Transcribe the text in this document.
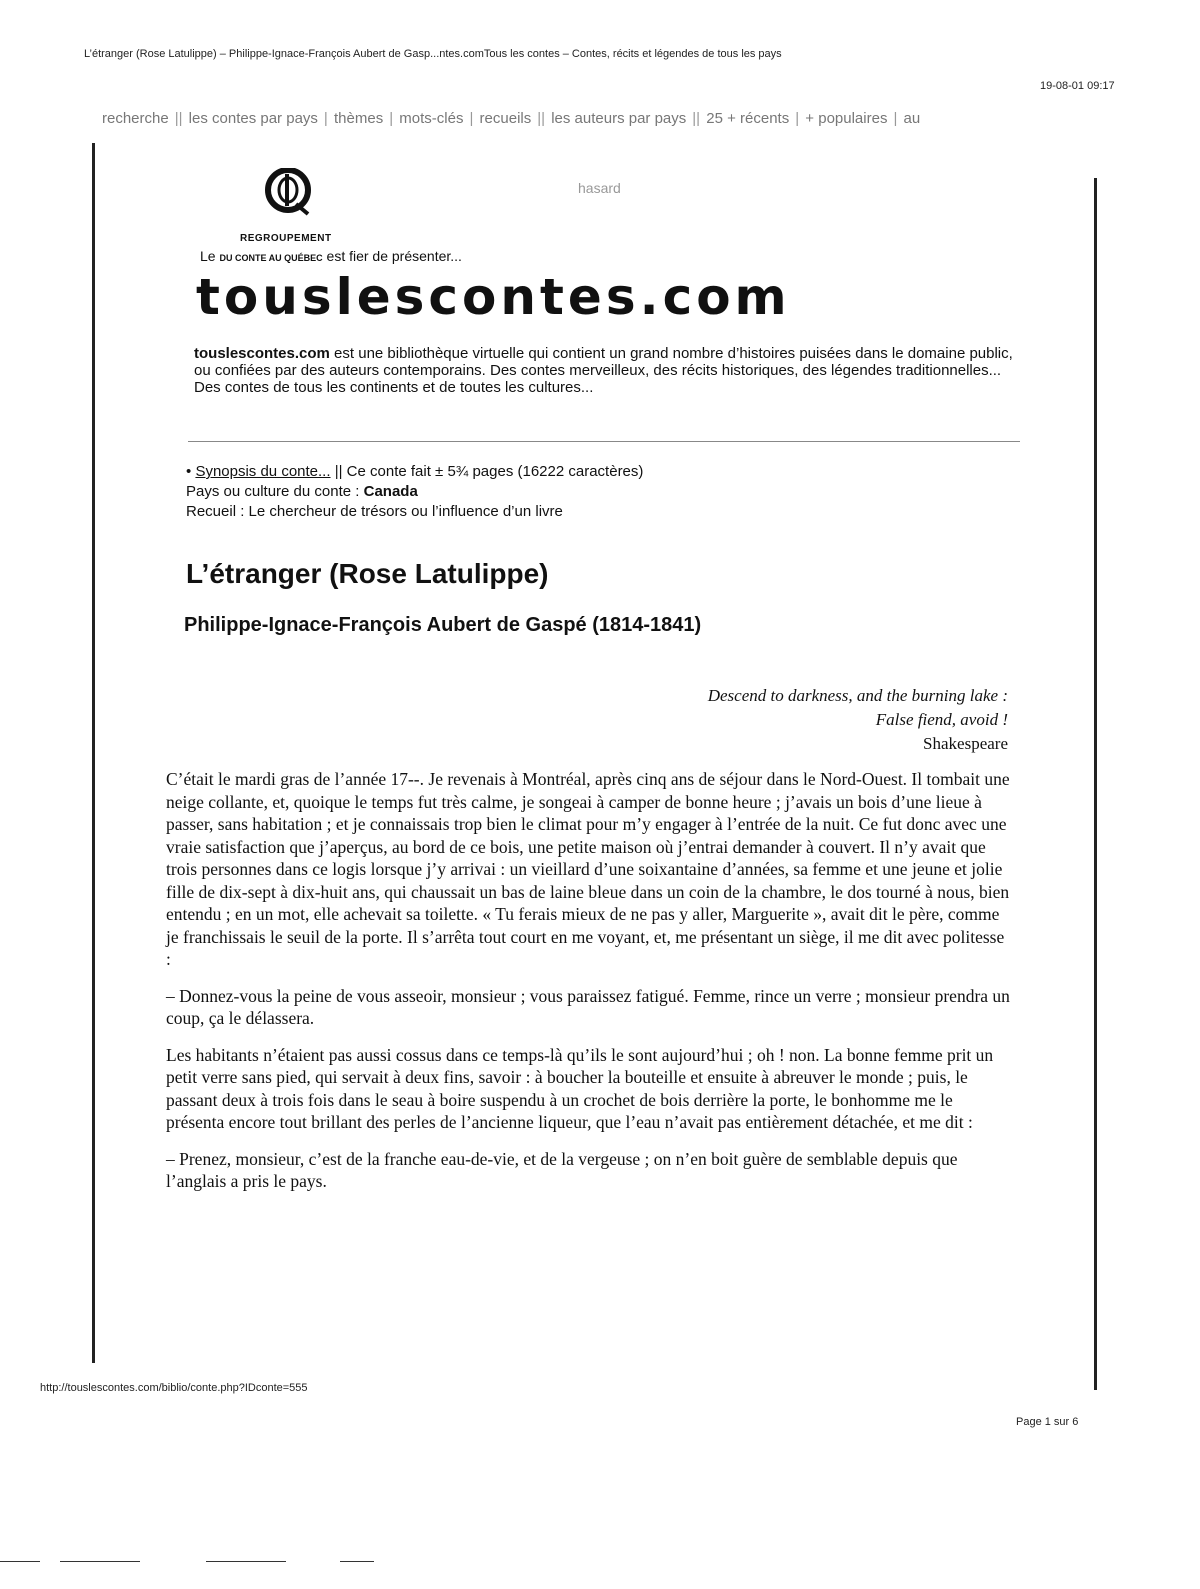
L’étranger (Rose Latulippe) – Philippe-Ignace-François Aubert de Gasp...ntes.comTous les contes – Contes, récits et légendes de tous les pays
19-08-01 09:17
recherche || les contes par pays | thèmes | mots-clés | recueils || les auteurs par pays || 25 + récents | + populaires | au
hasard
REGROUPEMENT
Le DU CONTE AU QUÉBEC est fier de présenter...
touslescontes.com
touslescontes.com est une bibliothèque virtuelle qui contient un grand nombre d’histoires puisées dans le domaine public, ou confiées par des auteurs contemporains. Des contes merveilleux, des récits historiques, des légendes traditionnelles... Des contes de tous les continents et de toutes les cultures...
• Synopsis du conte... || Ce conte fait ± 5¾ pages (16222 caractères)
Pays ou culture du conte : Canada
Recueil : Le chercheur de trésors ou l’influence d’un livre
L’étranger (Rose Latulippe)
Philippe-Ignace-François Aubert de Gaspé (1814-1841)
Descend to darkness, and the burning lake :
False fiend, avoid !
Shakespeare

C’était le mardi gras de l’année 17--. Je revenais à Montréal, après cinq ans de séjour dans le Nord-Ouest. Il tombait une neige collante, et, quoique le temps fut très calme, je songeai à camper de bonne heure ; j’avais un bois d’une lieue à passer, sans habitation ; et je connaissais trop bien le climat pour m’y engager à l’entrée de la nuit. Ce fut donc avec une vraie satisfaction que j’aperçus, au bord de ce bois, une petite maison où j’entrai demander à couvert. Il n’y avait que trois personnes dans ce logis lorsque j’y arrivai : un vieillard d’une soixantaine d’années, sa femme et une jeune et jolie fille de dix-sept à dix-huit ans, qui chaussait un bas de laine bleue dans un coin de la chambre, le dos tourné à nous, bien entendu ; en un mot, elle achevait sa toilette. « Tu ferais mieux de ne pas y aller, Marguerite », avait dit le père, comme je franchissais le seuil de la porte. Il s’arrêta tout court en me voyant, et, me présentant un siège, il me dit avec politesse :

– Donnez-vous la peine de vous asseoir, monsieur ; vous paraissez fatigué. Femme, rince un verre ; monsieur prendra un coup, ça le délassera.

Les habitants n’étaient pas aussi cossus dans ce temps-là qu’ils le sont aujourd’hui ; oh ! non. La bonne femme prit un petit verre sans pied, qui servait à deux fins, savoir : à boucher la bouteille et ensuite à abreuver le monde ; puis, le passant deux à trois fois dans le seau à boire suspendu à un crochet de bois derrière la porte, le bonhomme me le présenta encore tout brillant des perles de l’ancienne liqueur, que l’eau n’avait pas entièrement détachée, et me dit :

– Prenez, monsieur, c’est de la franche eau-de-vie, et de la vergeuse ; on n’en boit guère de semblable depuis que l’anglais a pris le pays.

http://touslescontes.com/biblio/conte.php?IDconte=555
Page 1 sur 6
